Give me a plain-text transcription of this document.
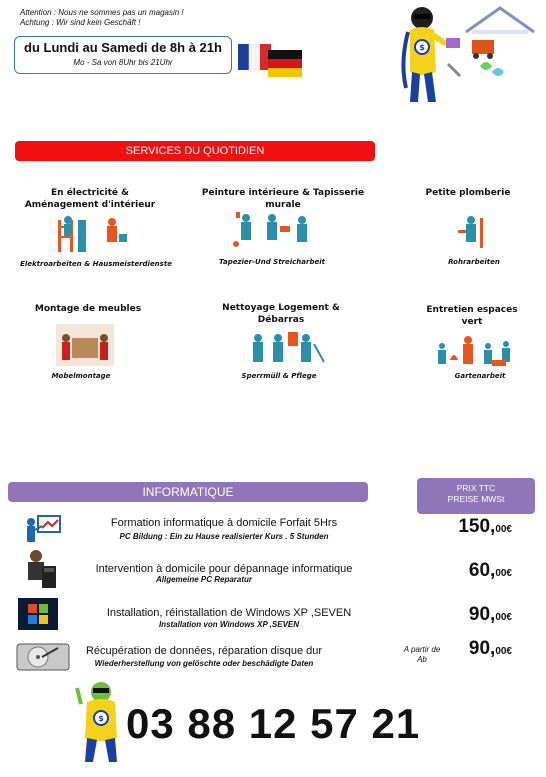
Attention : Nous ne sommes pas un magasin !
Achtung : Wir sind kein Geschäft !
du Lundi au Samedi de 8h à 21h
Mo - Sa von 8Uhr bis 21Uhr
$
SERVICES DU QUOTIDIEN
En électricité & Aménagement d'intérieur
Elektroarbeiten & Hausmeisterdienste
Peinture intérieure & Tapisserie murale
Tapezier-Und Streicharbeit
Petite plomberie
Rohrarbeiten
Montage de meubles
Mobelmontage
Nettoyage Logement & Débarras
Sperrmüll & Pflege
Entretien espaces vert
Gartenarbeit
INFORMATIQUE	PRIX TTC
PREISE MWSt
Formation informatique à domicile Forfait 5Hrs
PC Bildung : Ein zu Hause realisierter Kurs . 5 Stunden	150,00€
Intervention à domicile pour dépannage informatique
Allgemeine PC Reparatur	60,00€
Installation, réinstallation de Windows XP ,SEVEN
Installation von Windows XP ,SEVEN	90,00€
Récupération de données, réparation disque dur
Wiederherstellung von gelöschte oder beschädigte Daten
A partir de
Ab
90,00€
$ 03 88 12 57 21
